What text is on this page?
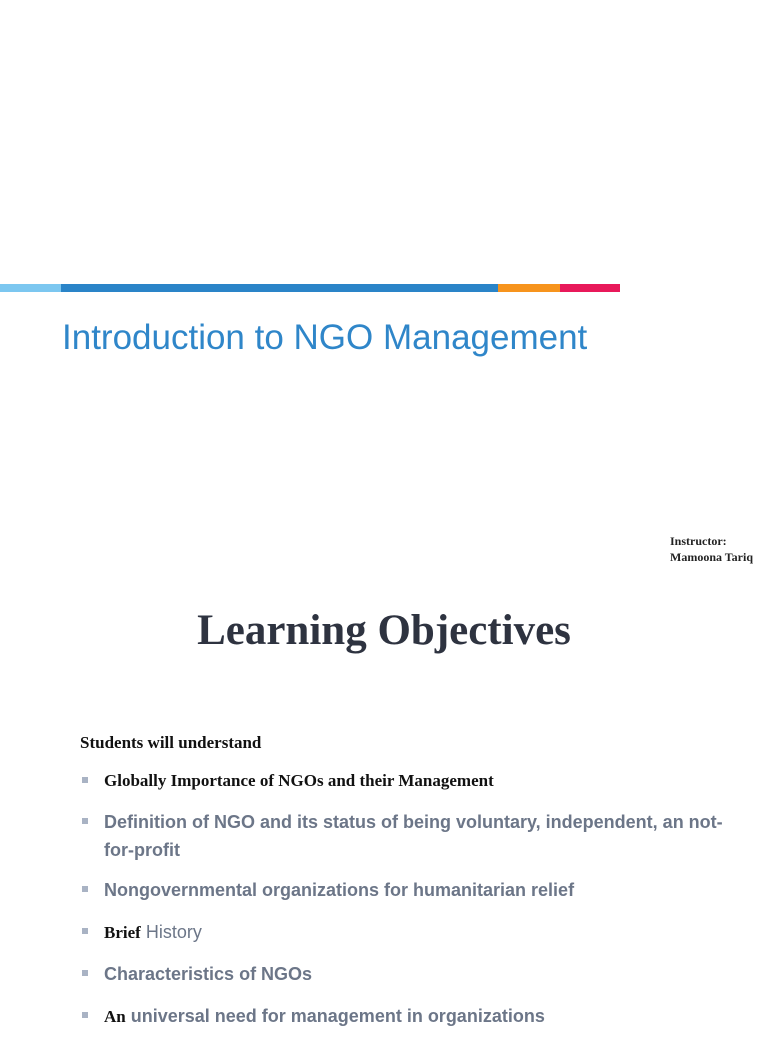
Introduction to NGO Management
Instructor:
Mamoona Tariq
Learning Objectives
Students will understand
Globally Importance of NGOs and their Management
Definition of NGO and its status of being voluntary, independent, an not-for-profit
Nongovernmental organizations for humanitarian relief
Brief History
Characteristics of NGOs
An universal need for management in organizations
